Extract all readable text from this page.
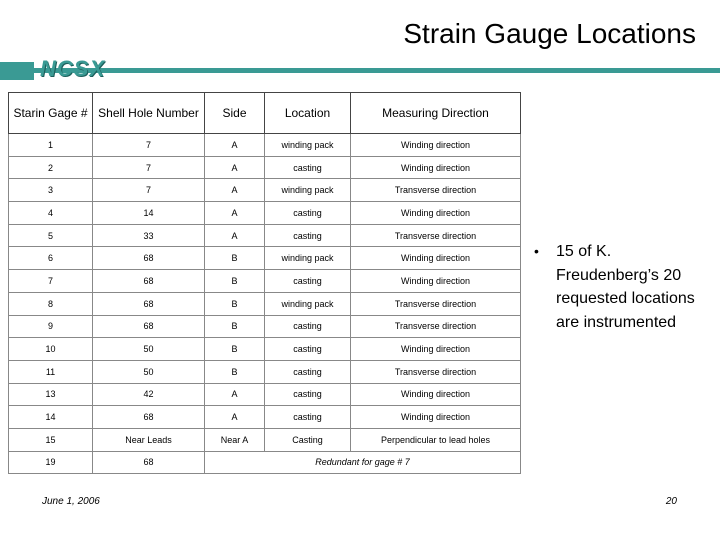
NCSX
Strain Gauge Locations
Starin Gage #	Shell Hole Number	Side	Location	Measuring Direction
1	7	A	winding pack	Winding direction
2	7	A	casting	Winding direction
3	7	A	winding pack	Transverse direction
4	14	A	casting	Winding direction
5	33	A	casting	Transverse direction
6	68	B	winding pack	Winding direction
7	68	B	casting	Winding direction
8	68	B	winding pack	Transverse direction
9	68	B	casting	Transverse direction
10	50	B	casting	Winding direction
11	50	B	casting	Transverse direction
13	42	A	casting	Winding direction
14	68	A	casting	Winding direction
15	Near Leads	Near A	Casting	Perpendicular to lead holes
19	68	Redundant for gage # 7		
•	15 of K. Freudenberg’s 20 requested locations are instrumented
June 1, 2006	20
